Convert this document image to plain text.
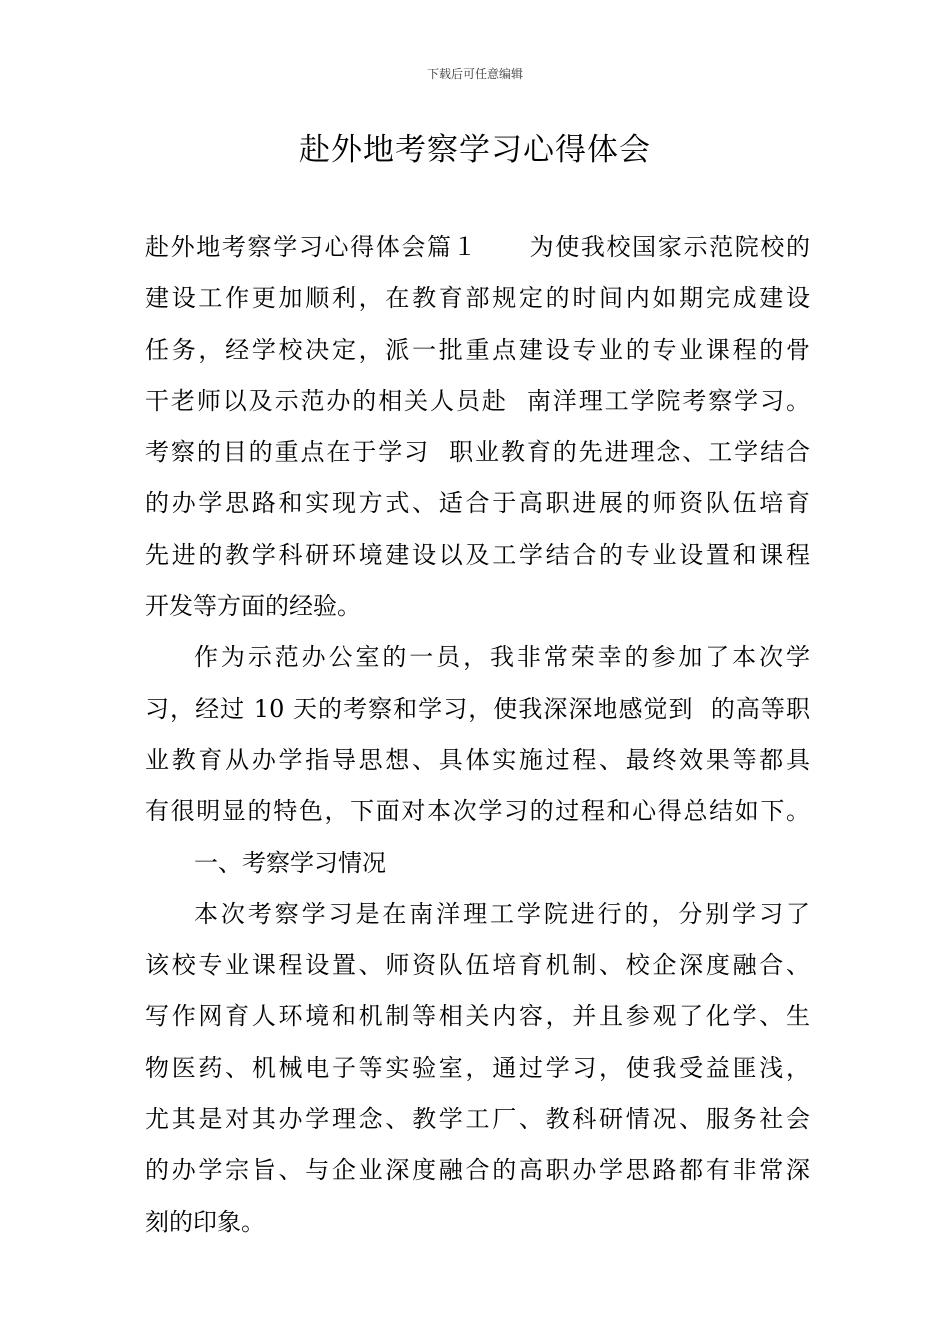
下载后可任意编辑
赴外地考察学习心得体会
赴外地考察学习心得体会篇１　　为使我校国家示范院校的
建设工作更加顺利，在教育部规定的时间内如期完成建设
任务，经学校决定，派一批重点建设专业的专业课程的骨
干老师以及示范办的相关人员赴  南洋理工学院考察学习。
考察的目的重点在于学习  职业教育的先进理念、工学结合
的办学思路和实现方式、适合于高职进展的师资队伍培育
先进的教学科研环境建设以及工学结合的专业设置和课程
开发等方面的经验。
作为示范办公室的一员，我非常荣幸的参加了本次学
习，经过 10 天的考察和学习，使我深深地感觉到  的高等职
业教育从办学指导思想、具体实施过程、最终效果等都具
有很明显的特色，下面对本次学习的过程和心得总结如下。
一、考察学习情况
本次考察学习是在南洋理工学院进行的，分别学习了
该校专业课程设置、师资队伍培育机制、校企深度融合、
写作网育人环境和机制等相关内容，并且参观了化学、生
物医药、机械电子等实验室，通过学习，使我受益匪浅，
尤其是对其办学理念、教学工厂、教科研情况、服务社会
的办学宗旨、与企业深度融合的高职办学思路都有非常深
刻的印象。
